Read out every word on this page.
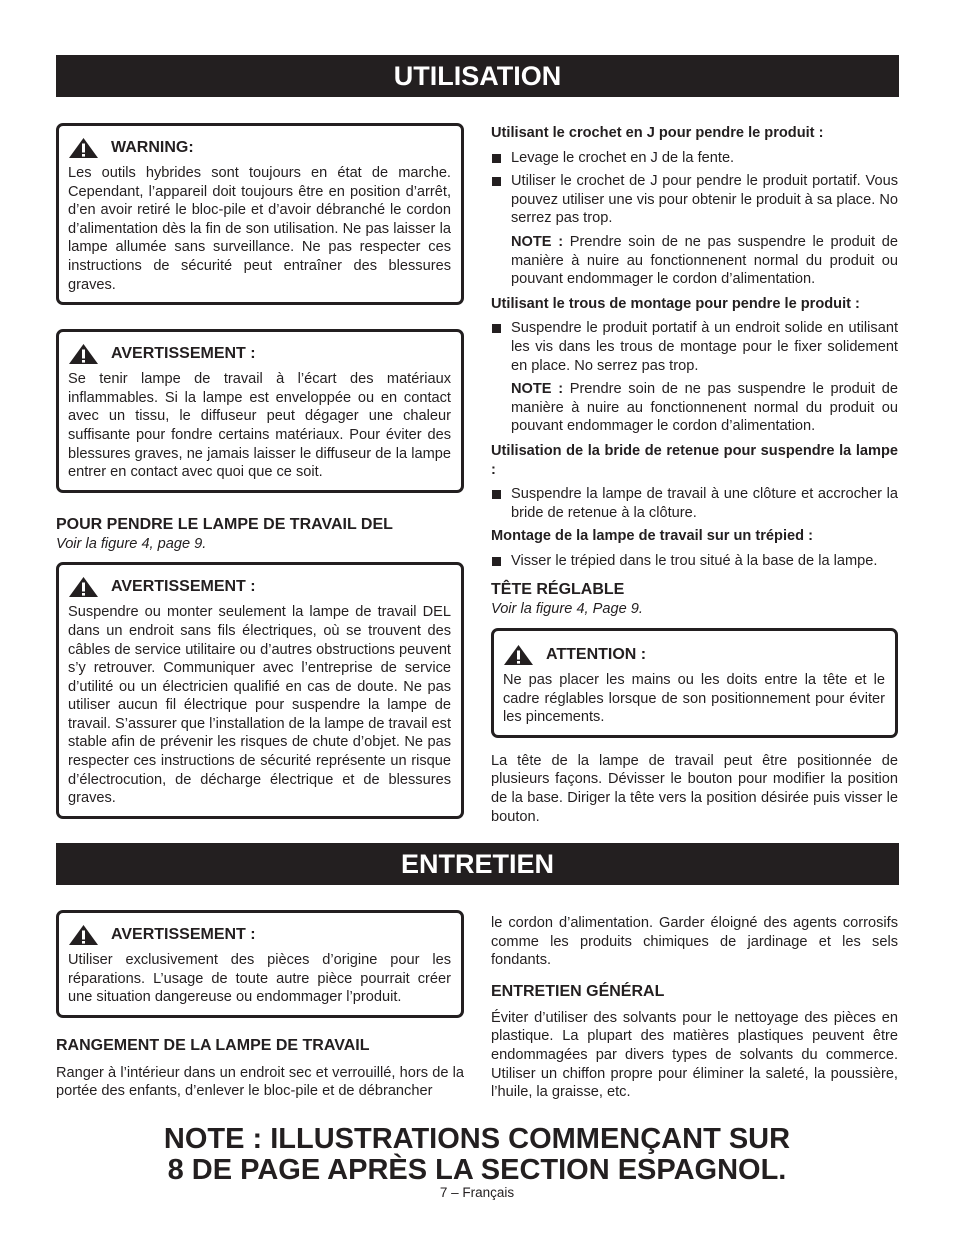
UTILISATION
WARNING:

Les outils hybrides sont toujours en état de marche. Cependant, l’appareil doit toujours être en position d’arrêt, d’en avoir retiré le bloc-pile et d’avoir débranché le cordon d’alimentation dès la fin de son utilisation. Ne pas laisser la lampe allumée sans surveillance. Ne pas respecter ces instructions de sécurité peut entraîner des blessures graves.

AVERTISSEMENT :

Se tenir lampe de travail à l’écart des matériaux inflammables. Si la lampe est enveloppée ou en contact avec un tissu, le diffuseur peut dégager une chaleur suffisante pour fondre certains matériaux. Pour éviter des blessures graves, ne jamais laisser le diffuseur de la lampe entrer en contact avec quoi que ce soit.

POUR PENDRE LE LAMPE DE TRAVAIL DEL
Voir la figure 4, page 9.
AVERTISSEMENT :

Suspendre ou monter seulement la lampe de travail DEL dans un endroit sans fils électriques, où se trouvent des câbles de service utilitaire ou d’autres obstructions peuvent s’y retrouver. Communiquer avec l’entreprise de service d’utilité ou un électricien qualifié en cas de doute. Ne pas utiliser aucun fil électrique pour suspendre la lampe de travail. S’assurer que l’installation de la lampe de travail est stable afin de prévenir les risques de chute d’objet. Ne pas respecter ces instructions de sécurité représente un risque d’électrocution, de décharge électrique et de blessures graves.

Utilisant le crochet en J pour pendre le produit :
Levage le crochet en J de la fente.
Utiliser le crochet de J pour pendre le produit portatif. Vous pouvez utiliser une vis pour obtenir le produit à sa place. No serrez pas trop.

NOTE : Prendre soin de ne pas suspendre le produit de manière à nuire au fonctionnenent normal du produit ou pouvant endommager le cordon d’alimentation.

Utilisant le trous de montage pour pendre le produit :
Suspendre le produit portatif à un endroit solide en utilisant les vis dans les trous de montage pour le fixer solidement en place. No serrez pas trop.

NOTE : Prendre soin de ne pas suspendre le produit de manière à nuire au fonctionnenent normal du produit ou pouvant endommager le cordon d’alimentation.

Utilisation de la bride de retenue pour suspendre la lampe :
Suspendre la lampe de travail à une clôture et accrocher la bride de retenue à la clôture.
Montage de la lampe de travail sur un trépied :
Visser le trépied dans le trou situé à la base de la lampe.
TÊTE RÉGLABLE
Voir la figure 4, Page 9.
ATTENTION :

Ne pas placer les mains ou les doits entre la tête et le cadre réglables lorsque de son positionnement pour éviter les pincements.

La tête de la lampe de travail peut être positionnée de plusieurs façons. Dévisser le bouton pour modifier la position de la base. Diriger la tête vers la position désirée puis visser le bouton.

ENTRETIEN
AVERTISSEMENT :

Utiliser exclusivement des pièces d’origine pour les réparations. L’usage de toute autre pièce pourrait créer une situation dangereuse ou endommager l’produit.

RANGEMENT DE LA LAMPE DE TRAVAIL

Ranger à l’intérieur dans un endroit sec et verrouillé, hors de la portée des enfants, d’enlever le bloc-pile et de débrancher

le cordon d’alimentation. Garder éloigné des agents corrosifs comme les produits chimiques de jardinage et les sels fondants.

ENTRETIEN GÉNÉRAL

Éviter d’utiliser des solvants pour le nettoyage des pièces en plastique. La plupart des matières plastiques peuvent être endommagées par divers types de solvants du commerce. Utiliser un chiffon propre pour éliminer la saleté, la poussière, l’huile, la graisse, etc.

NOTE : ILLUSTRATIONS COMMENÇANT SUR
8 DE PAGE APRÈS LA SECTION ESPAGNOL.
7 – Français
